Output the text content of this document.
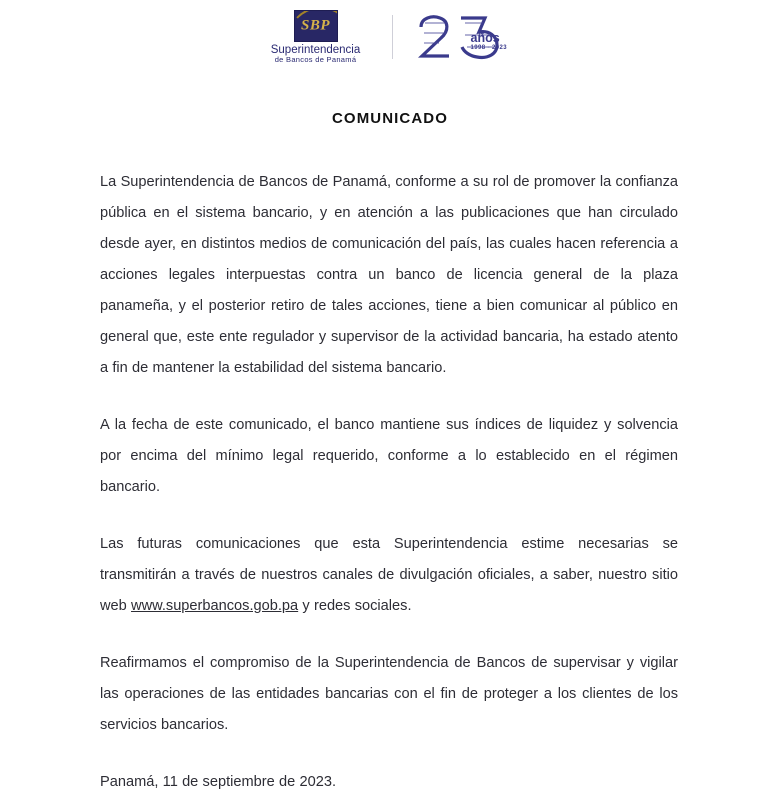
SBP
Superintendencia
de Bancos de Panamá
años
1998 - 2023
COMUNICADO

La Superintendencia de Bancos de Panamá, conforme a su rol de promover la confianza pública en el sistema bancario, y en atención a las publicaciones que han circulado desde ayer, en distintos medios de comunicación del país, las cuales hacen referencia a acciones legales interpuestas contra un banco de licencia general de la plaza panameña, y el posterior retiro de tales acciones, tiene a bien comunicar al público en general que, este ente regulador y supervisor de la actividad bancaria, ha estado atento a fin de mantener la estabilidad del sistema bancario.

A la fecha de este comunicado, el banco mantiene sus índices de liquidez y solvencia por encima del mínimo legal requerido, conforme a lo establecido en el régimen bancario.

Las futuras comunicaciones que esta Superintendencia estime necesarias se transmitirán a través de nuestros canales de divulgación oficiales, a saber, nuestro sitio web www.superbancos.gob.pa y redes sociales.

Reafirmamos el compromiso de la Superintendencia de Bancos de supervisar y vigilar las operaciones de las entidades bancarias con el fin de proteger a los clientes de los servicios bancarios.

Panamá, 11 de septiembre de 2023.
